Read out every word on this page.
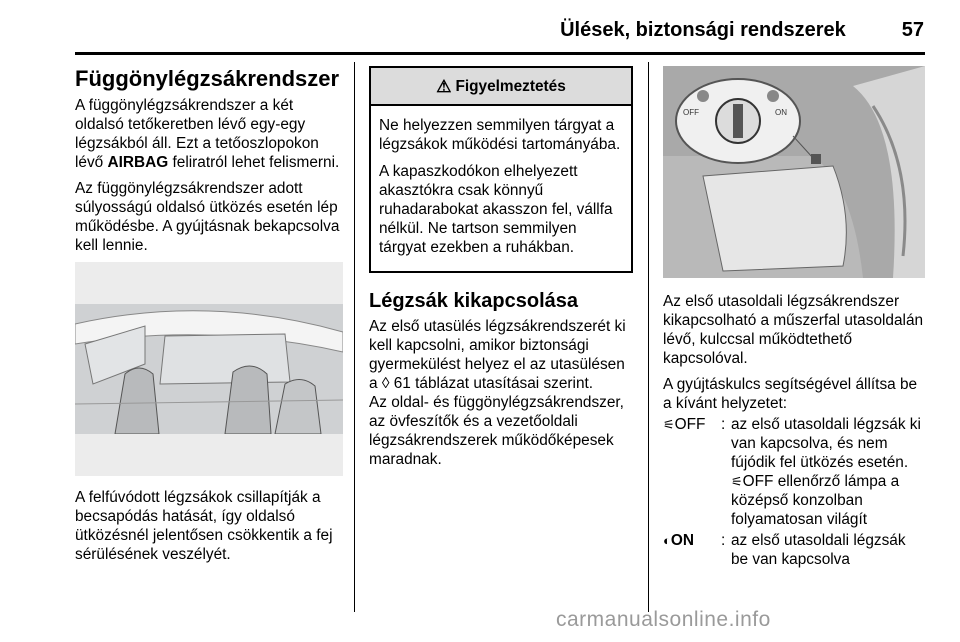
Ülések, biztonsági rendszerek	57
Függönylégzsákrendszer

A függönylégzsákrendszer a két oldalsó tetőkeretben lévő egy-egy légzsákból áll. Ezt a tetőoszlopokon lévő AIRBAG feliratról lehet felismerni.

Az függönylégzsákrendszer adott súlyosságú oldalsó ütközés esetén lép működésbe. A gyújtásnak bekapcsolva kell lennie.

A felfúvódott légzsákok csillapítják a becsapódás hatását, így oldalsó ütközésnél jelentősen csökkentik a fej sérülésének veszélyét.

⚠ Figyelmeztetés

Ne helyezzen semmilyen tárgyat a légzsákok működési tartományába.

A kapaszkodókon elhelyezett akasztókra csak könnyű ruhadarabokat akasszon fel, vállfa nélkül. Ne tartson semmilyen tárgyat ezekben a ruhákban.

Légzsák kikapcsolása

Az első utasülés légzsákrendszerét ki kell kapcsolni, amikor biztonsági gyermekülést helyez el az utasülésen a ◊ 61 táblázat utasításai szerint.

Az oldal- és függönylégzsákrendszer, az övfeszítők és a vezetőoldali légzsákrendszerek működőképesek maradnak.

OFF	ON

Az első utasoldali légzsákrendszer kikapcsolható a műszerfal utasoldalán lévő, kulccsal működtethető kapcsolóval.

A gyújtáskulcs segítségével állítsa be a kívánt helyzetet:

⚟OFF	: az első utasoldali légzsák ki van kapcsolva, és nem fújódik fel ütközés esetén.
⚟OFF ellenőrző lámpa a középső konzolban folyamatosan világít
◐ON	: az első utasoldali légzsák be van kapcsolva
carmanualsonline.info
